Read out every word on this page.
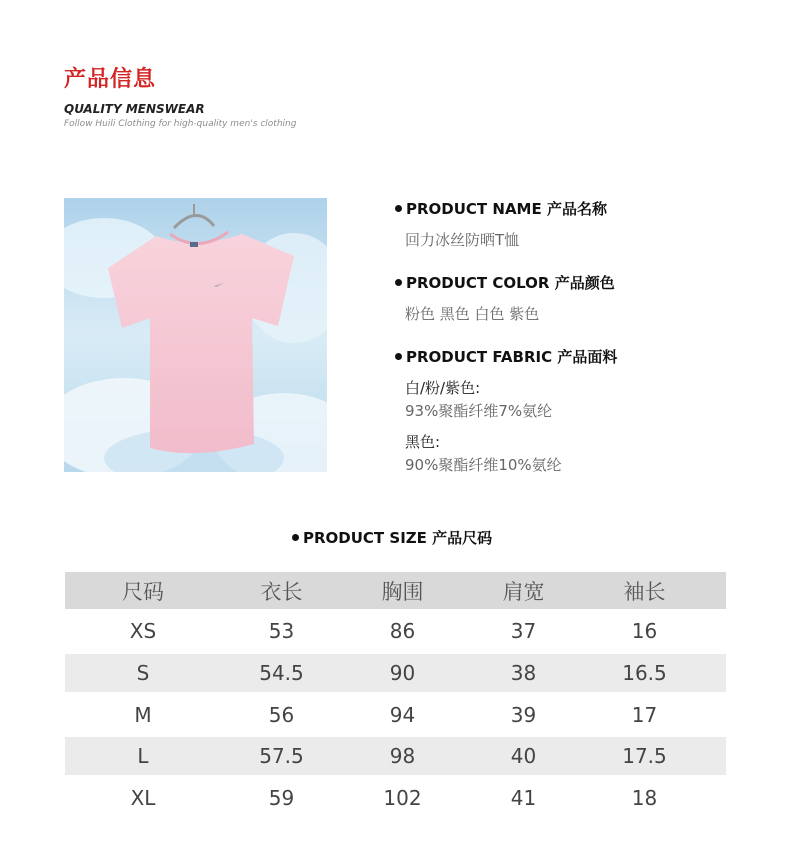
产品信息
QUALITY MENSWEAR
Follow Huili Clothing for high-quality men's clothing
PRODUCT NAME 产品名称
回力冰丝防晒T恤
PRODUCT COLOR 产品颜色
粉色 黑色 白色 紫色
PRODUCT FABRIC 产品面料
白/粉/紫色:
93%聚酯纤维7%氨纶
黑色:
90%聚酯纤维10%氨纶
PRODUCT SIZE 产品尺码
尺码	衣长	胸围	肩宽	袖长
XS	53	86	37	16
S	54.5	90	38	16.5
M	56	94	39	17
L	57.5	98	40	17.5
XL	59	102	41	18
